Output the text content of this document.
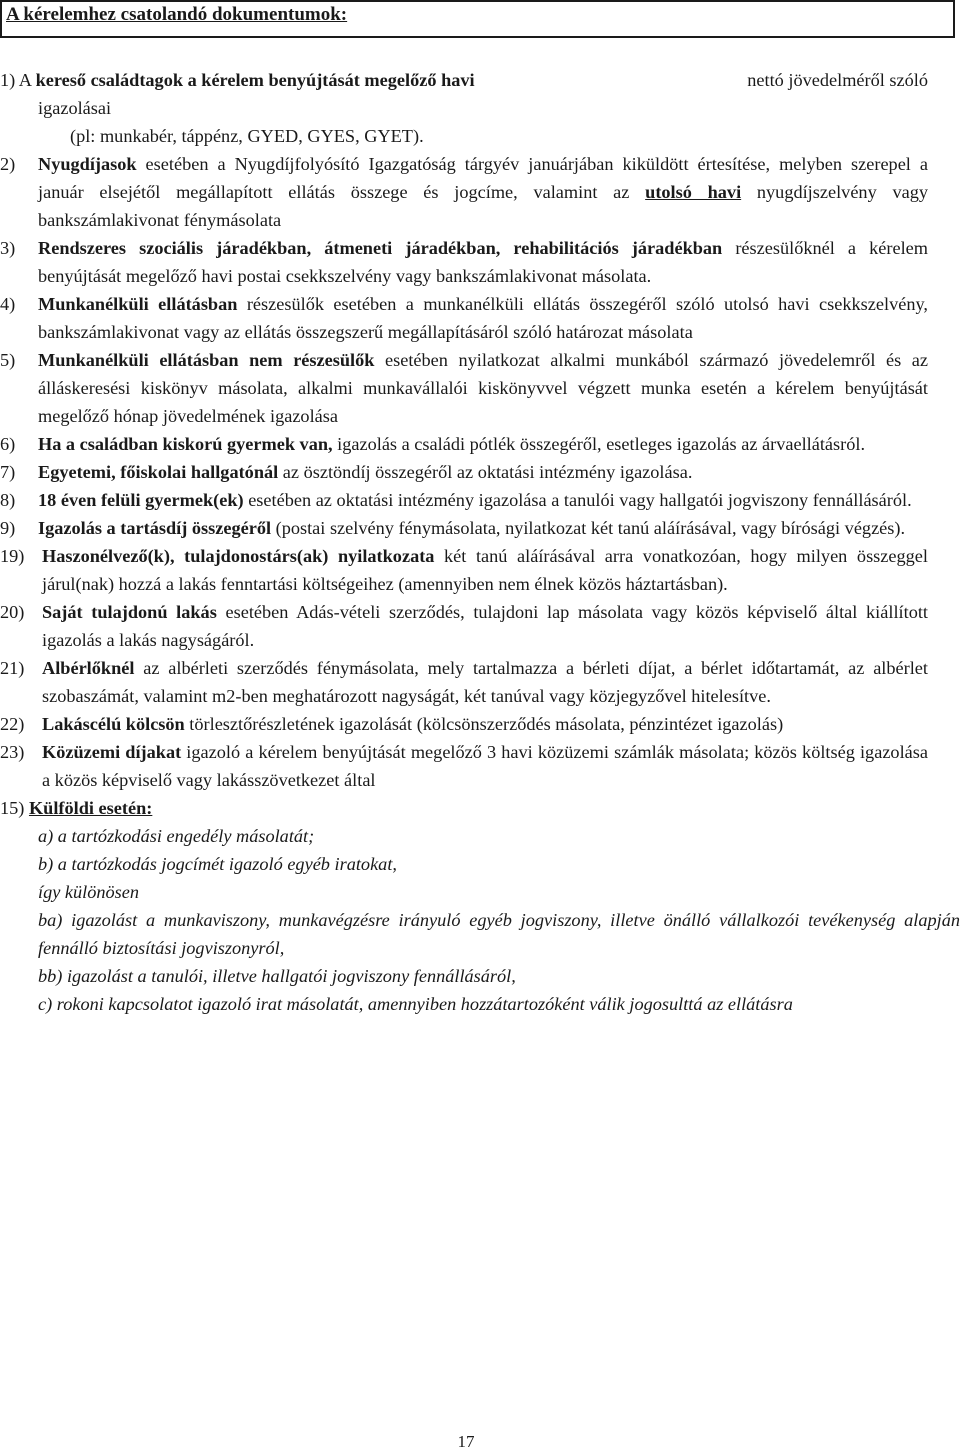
A kérelemhez csatolandó dokumentumok:
1) A kereső családtagok a kérelem benyújtását megelőző havi	nettó jövedelméről szóló
igazolásai
(pl: munkabér, táppénz, GYED, GYES, GYET).
2)	Nyugdíjasok esetében a Nyugdíjfolyósító Igazgatóság tárgyév januárjában kiküldött értesítése, melyben szerepel a január elsejétől megállapított ellátás összege és jogcíme, valamint az utolsó havi nyugdíjszelvény vagy bankszámlakivonat fénymásolata
3)	Rendszeres szociális járadékban, átmeneti járadékban, rehabilitációs járadékban részesülőknél a kérelem benyújtását megelőző havi postai csekkszelvény vagy bankszámlakivonat másolata.
4)	Munkanélküli ellátásban részesülők esetében a munkanélküli ellátás összegéről szóló utolsó havi csekkszelvény, bankszámlakivonat vagy az ellátás összegszerű megállapításáról szóló határozat másolata
5)	Munkanélküli ellátásban nem részesülők esetében nyilatkozat alkalmi munkából származó jövedelemről és az álláskeresési kiskönyv másolata, alkalmi munkavállalói kiskönyvvel végzett munka esetén a kérelem benyújtását megelőző hónap jövedelmének igazolása
6)	Ha a családban kiskorú gyermek van, igazolás a családi pótlék összegéről, esetleges igazolás az árvaellátásról.
7)	Egyetemi, főiskolai hallgatónál az ösztöndíj összegéről az oktatási intézmény igazolása.
8)	18 éven felüli gyermek(ek) esetében az oktatási intézmény igazolása a tanulói vagy hallgatói jogviszony fennállásáról.
9)	Igazolás a tartásdíj összegéről (postai szelvény fénymásolata, nyilatkozat két tanú aláírásával, vagy bírósági végzés).
19) Haszonélvező(k), tulajdonostárs(ak) nyilatkozata két tanú aláírásával arra vonatkozóan, hogy milyen összeggel járul(nak) hozzá a lakás fenntartási költségeihez (amennyiben nem élnek közös háztartásban).
20) Saját tulajdonú lakás esetében Adás-vételi szerződés, tulajdoni lap másolata vagy közös képviselő által kiállított igazolás a lakás nagyságáról.
21) Albérlőknél az albérleti szerződés fénymásolata, mely tartalmazza a bérleti díjat, a bérlet időtartamát, az albérlet szobaszámát, valamint m2-ben meghatározott nagyságát, két tanúval vagy közjegyzővel hitelesítve.
22) Lakáscélú kölcsön törlesztőrészletének igazolását (kölcsönszerződés másolata, pénzintézet igazolás)
23) Közüzemi díjakat igazoló a kérelem benyújtását megelőző 3 havi közüzemi számlák másolata; közös költség igazolása a közös képviselő vagy lakásszövetkezet által
15) Külföldi esetén:
a) a tartózkodási engedély másolatát;
b) a tartózkodás jogcímét igazoló egyéb iratokat,
így különösen
ba) igazolást a munkaviszony, munkavégzésre irányuló egyéb jogviszony, illetve önálló vállalkozói tevékenység alapján fennálló biztosítási jogviszonyról,
bb) igazolást a tanulói, illetve hallgatói jogviszony fennállásáról,
c) rokoni kapcsolatot igazoló irat másolatát, amennyiben hozzátartozóként válik jogosulttá az ellátásra
17
